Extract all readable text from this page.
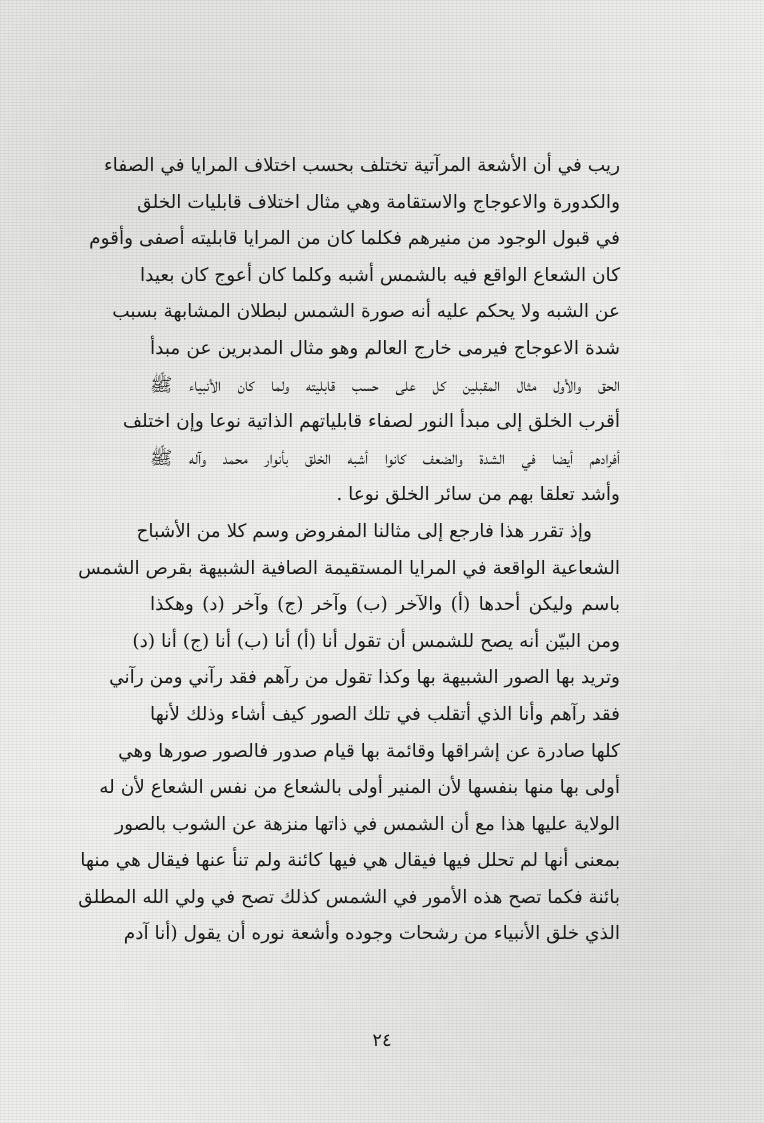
ريب في أن الأشعة المرآتية تختلف بحسب اختلاف المرايا في الصفاء
والكدورة والاعوجاج والاستقامة وهي مثال اختلاف قابليات الخلق
في قبول الوجود من منيرهم فكلما كان من المرايا قابليته أصفى وأقوم
كان الشعاع الواقع فيه بالشمس أشبه وكلما كان أعوج كان بعيدا
عن الشبه ولا يحكم عليه أنه صورة الشمس لبطلان المشابهة بسبب
شدة الاعوجاج فيرمى خارج العالم وهو مثال المدبرين عن مبدأ
الحق والأول مثال المقبلين كل على حسب قابليته ولما كان الأنبياء ﷺ
أقرب الخلق إلى مبدأ النور لصفاء قابلياتهم الذاتية نوعا وإن اختلف
أفرادهم أيضا في الشدة والضعف كانوا أشبه الخلق بأنوار محمد وآله ﷺ
وأشد تعلقا بهم من سائر الخلق نوعا .
وإذ تقرر هذا فارجع إلى مثالنا المفروض وسم كلا من الأشباح
الشعاعية الواقعة في المرايا المستقيمة الصافية الشبيهة بقرص الشمس
باسم وليكن أحدها (أ) والآخر (ب) وآخر (ج) وآخر (د) وهكذا
ومن البيّن أنه يصح للشمس أن تقول أنا (أ) أنا (ب) أنا (ج) أنا (د)
وتريد بها الصور الشبيهة بها وكذا تقول من رآهم فقد رآني ومن رآني
فقد رآهم وأنا الذي أتقلب في تلك الصور كيف أشاء وذلك لأنها
كلها صادرة عن إشراقها وقائمة بها قيام صدور فالصور صورها وهي
أولى بها منها بنفسها لأن المنير أولى بالشعاع من نفس الشعاع لأن له
الولاية عليها هذا مع أن الشمس في ذاتها منزهة عن الشوب بالصور
بمعنى أنها لم تحلل فيها فيقال هي فيها كائنة ولم تنأ عنها فيقال هي منها
بائنة فكما تصح هذه الأمور في الشمس كذلك تصح في ولي الله المطلق
الذي خلق الأنبياء من رشحات وجوده وأشعة نوره أن يقول (أنا آدم
٢٤
